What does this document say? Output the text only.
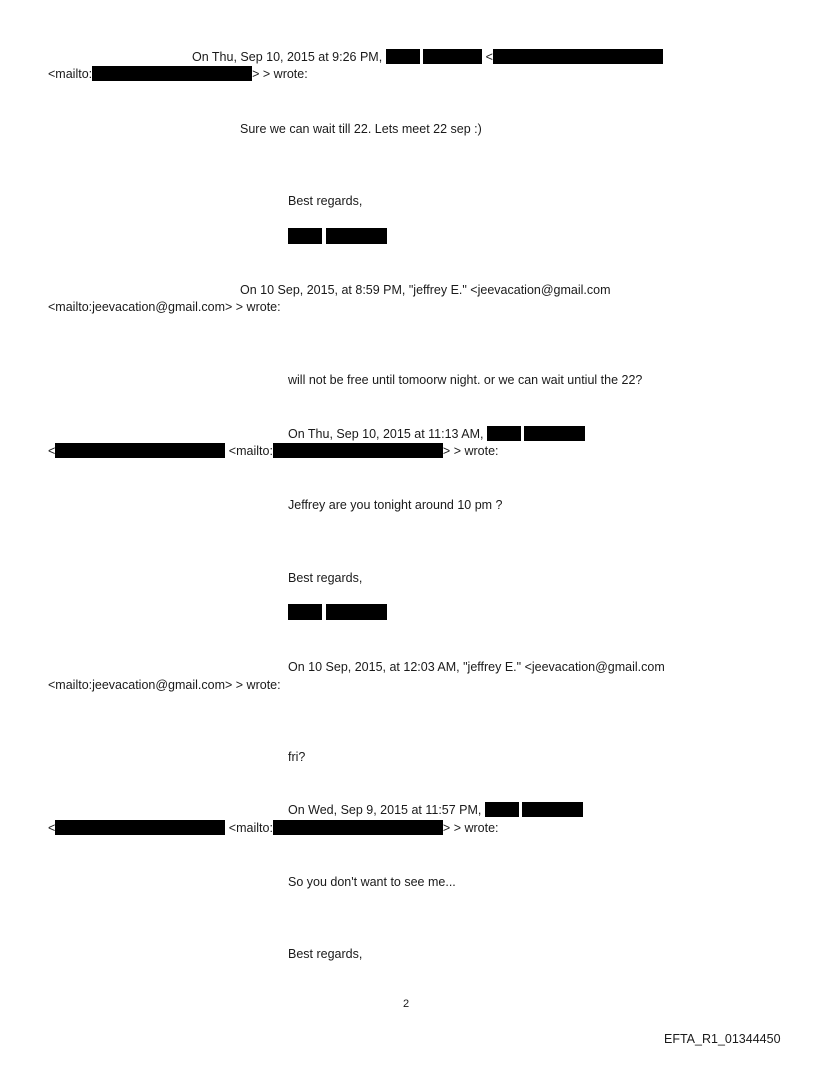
On Thu, Sep 10, 2015 at 9:26 PM,	<
<mailto:	> > wrote:
Sure we can wait till 22. Lets meet 22 sep :)
Best regards,
On 10 Sep, 2015, at 8:59 PM, "jeffrey E." <jeevacation@gmail.com
<mailto:jeevacation@gmail.com> > wrote:
will not be free until tomoorw night. or we can wait untiul the 22?
On Thu, Sep 10, 2015 at 11:13 AM,
<	<mailto:	> > wrote:
Jeffrey are you tonight around 10 pm ?
Best regards,
On 10 Sep, 2015, at 12:03 AM, "jeffrey E." <jeevacation@gmail.com
<mailto:jeevacation@gmail.com> > wrote:
fri?
On Wed, Sep 9, 2015 at 11:57 PM,
<	<mailto:	> > wrote:
So you don't want to see me...
Best regards,
2
EFTA_R1_01344450
